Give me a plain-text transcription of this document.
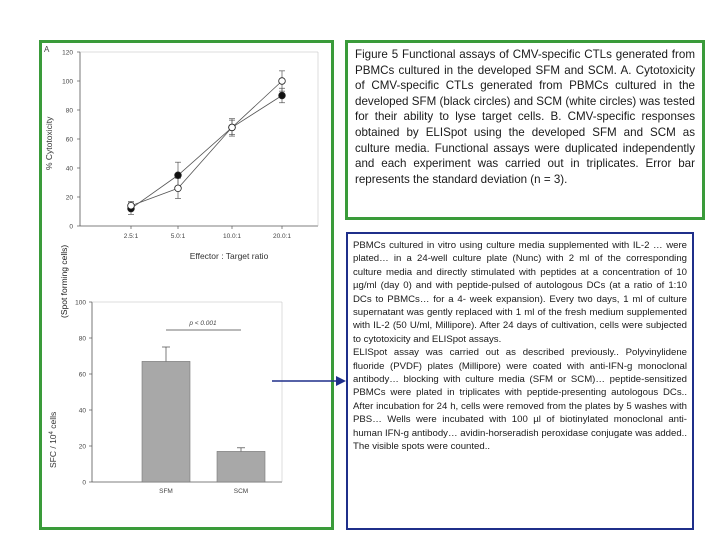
A
% Cytotoxicity
Effector : Target ratio
0
20
40
60
80
100
120
2.5:1	5.0:1	10.0:1	20.0:1
SFC / $10^4$ cells
p < 0.001
0
20
40
60
80
100
SFM	SCM
(Spot forming cells)
Figure 5 Functional assays of CMV-specific CTLs generated from PBMCs cultured in the developed SFM and SCM. A. Cytotoxicity of CMV-specific CTLs generated from PBMCs cultured in the developed SFM (black circles) and SCM (white circles) was tested for their ability to lyse target cells. B. CMV-specific responses obtained by ELISpot using the developed SFM and SCM as culture media. Functional assays were duplicated independently and each experiment was carried out in triplicates. Error bar represents the standard deviation (n = 3).

PBMCs cultured in vitro using culture media supplemented with IL-2 … were plated… in a 24-well culture plate (Nunc) with 2 ml of the corresponding culture media and directly stimulated with peptides at a concentration of 10 µg/ml (day 0) and with peptide-pulsed of autologous DCs (at a ratio of 1:10 DCs to PBMCs… for a 4- week expansion). Every two days, 1 ml of culture supernatant was gently replaced with 1 ml of the fresh medium supplemented with IL-2 (50 U/ml, Millipore). After 24 days of cultivation, cells were subjected to cytotoxicity and ELISpot assays.

ELISpot assay was carried out as described previously.. Polyvinylidene fluoride (PVDF) plates (Millipore) were coated with anti-IFN-g monoclonal antibody… blocking with culture media (SFM or SCM)… peptide-sensitized PBMCs were plated in triplicates with peptide-presenting autologous DCs.. After incubation for 24 h, cells were removed from the plates by 5 washes with PBS… Wells were incubated with 100 µl of biotinylated monoclonal anti-human IFN-g antibody… avidin-horseradish peroxidase conjugate was added.. The visible spots were counted..
